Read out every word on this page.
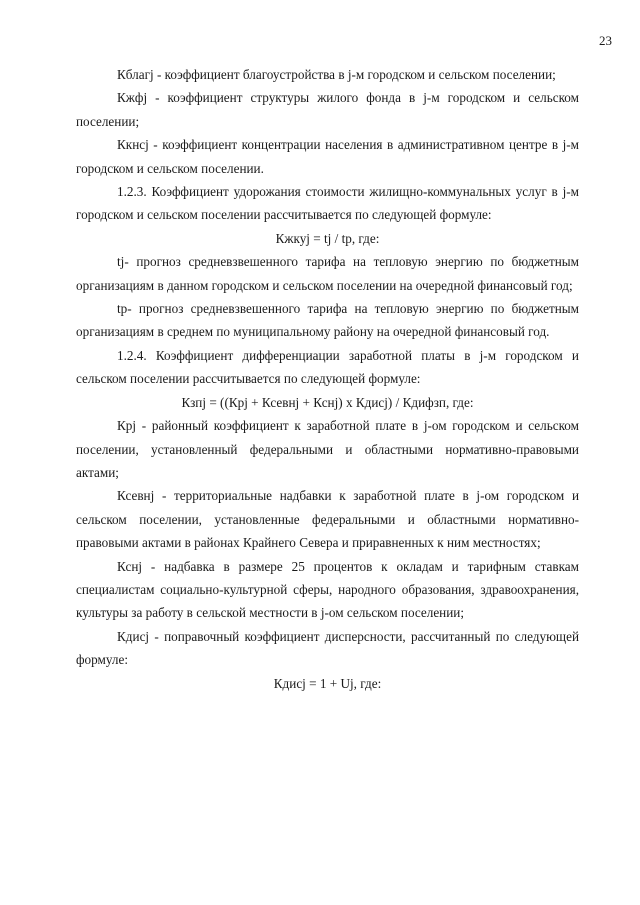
23

Кблагj - коэффициент благоустройства в j-м городском и сельском поселении;

Кжфj - коэффициент структуры жилого фонда в j-м городском и сельском поселении;

Ккнсj - коэффициент концентрации населения в административном центре в j-м городском и сельском поселении.

1.2.3. Коэффициент удорожания стоимости жилищно-коммунальных услуг в j-м городском и сельском поселении рассчитывается по следующей формуле:

Кжкуj = tj / tр, где:

tj- прогноз средневзвешенного тарифа на тепловую энергию по бюджетным организациям в данном городском и сельском поселении на очередной финансовый год;

tр- прогноз средневзвешенного тарифа на тепловую энергию по бюджетным организациям в среднем по муниципальному району на очередной финансовый год.

1.2.4. Коэффициент дифференциации заработной платы в j-м городском и сельском поселении рассчитывается по следующей формуле:

Кзпj = ((Крj + Ксевнj + Кснj) х Кдисj) / Кдифзп, где:

Крj - районный коэффициент к заработной плате в j-ом городском и сельском поселении, установленный федеральными и областными нормативно-правовыми актами;

Ксевнj - территориальные надбавки к заработной плате в j-ом городском и сельском поселении, установленные федеральными и областными нормативно-правовыми актами в районах Крайнего Севера и приравненных к ним местностях;

Кснj - надбавка в размере 25 процентов к окладам и тарифным ставкам специалистам социально-культурной сферы, народного образования, здравоохранения, культуры за работу в сельской местности в j-ом сельском поселении;

Кдисj - поправочный коэффициент дисперсности, рассчитанный по следующей формуле:

Кдисj = 1 + Uj, где:
